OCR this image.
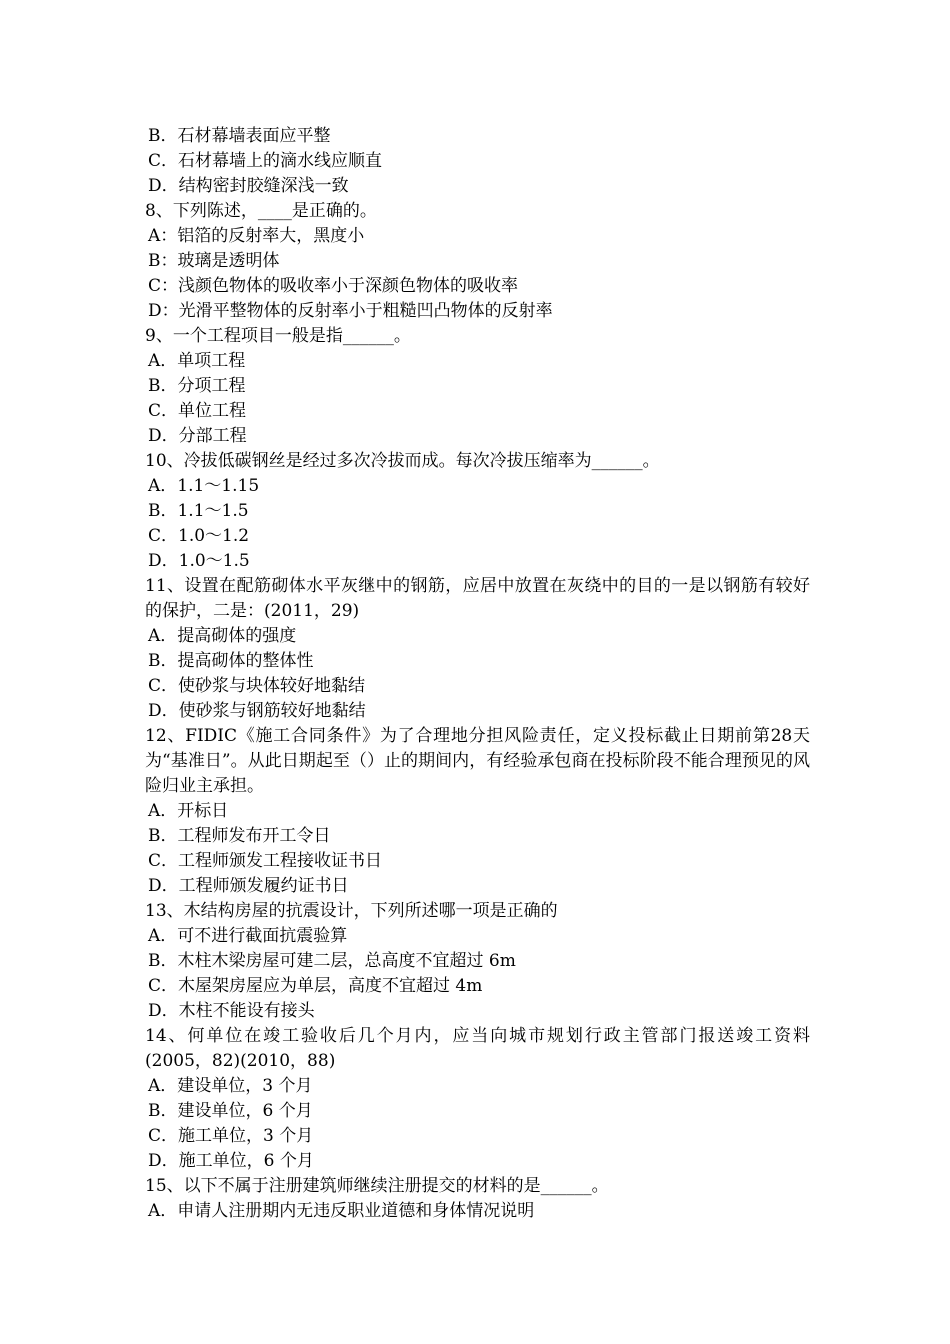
B．石材幕墙表面应平整
C．石材幕墙上的滴水线应顺直
D．结构密封胶缝深浅一致
8、下列陈述，____是正确的。
A：铝箔的反射率大，黑度小
B：玻璃是透明体
C：浅颜色物体的吸收率小于深颜色物体的吸收率
D：光滑平整物体的反射率小于粗糙凹凸物体的反射率
9、一个工程项目一般是指______。
A．单项工程
B．分项工程
C．单位工程
D．分部工程
10、冷拔低碳钢丝是经过多次冷拔而成。每次冷拔压缩率为______。
A．1.1～1.15
B．1.1～1.5
C．1.0～1.2
D．1.0～1.5
11、设置在配筋砌体水平灰继中的钢筋，应居中放置在灰绕中的目的一是以钢筋有较好的保护，二是：(2011，29)
A．提高砌体的强度
B．提高砌体的整体性
C．使砂浆与块体较好地黏结
D．使砂浆与钢筋较好地黏结
12、FIDIC《施工合同条件》为了合理地分担风险责任，定义投标截止日期前第28天为“基准日”。从此日期起至（）止的期间内，有经验承包商在投标阶段不能合理预见的风险归业主承担。
A．开标日
B．工程师发布开工令日
C．工程师颁发工程接收证书日
D．工程师颁发履约证书日
13、木结构房屋的抗震设计，下列所述哪一项是正确的
A．可不进行截面抗震验算
B．木柱木梁房屋可建二层，总高度不宜超过 6m
C．木屋架房屋应为单层，高度不宜超过 4m
D．木柱不能设有接头
14、何单位在竣工验收后几个月内，应当向城市规划行政主管部门报送竣工资料(2005，82)(2010，88)
A．建设单位，3 个月
B．建设单位，6 个月
C．施工单位，3 个月
D．施工单位，6 个月
15、以下不属于注册建筑师继续注册提交的材料的是______。
A．申请人注册期内无违反职业道德和身体情况说明
